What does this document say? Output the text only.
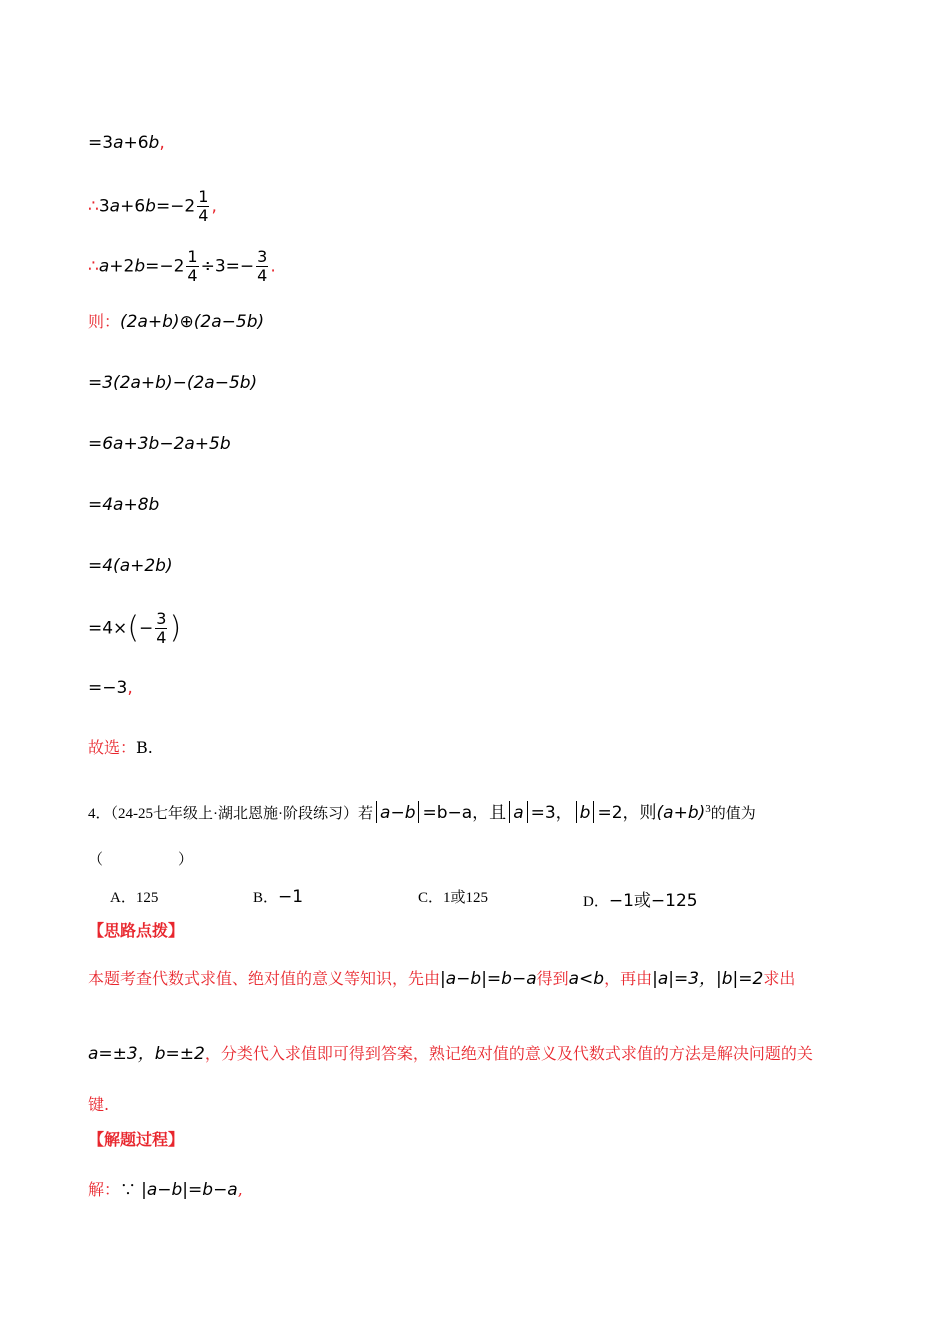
=3a+6b,
∴3a+6b=−2 $\frac{1}{4}$ ,
∴a+2b=−2 $\frac{1}{4} \div 3=- \frac{3}{4}$ .
则：(2a+b)⊕(2a−5b)
=3(2a+b)−(2a−5b)
=6a+3b−2a+5b
=4a+8b
=4(a+2b)
$=4\times(- \frac{3}{4}$ )
=−3,
故选：B.
4．（24-25七年级上·湖北恩施·阶段练习）若 a−b =b−a，且 a =3， b =2，则$(a+b)^3$的值为
（　　　　　）
A．125	B．−1	C．1或125	D．−1或−125
【思路点拨】
本题考查代数式求值、绝对值的意义等知识，先由|a−b|=b−a得到a<b，再由|a|=3，|b|=2求出
a=±3，b=±2，分类代入求值即可得到答案，熟记绝对值的意义及代数式求值的方法是解决问题的关
键.
【解题过程】
解：∵ |a−b|=b−a,
